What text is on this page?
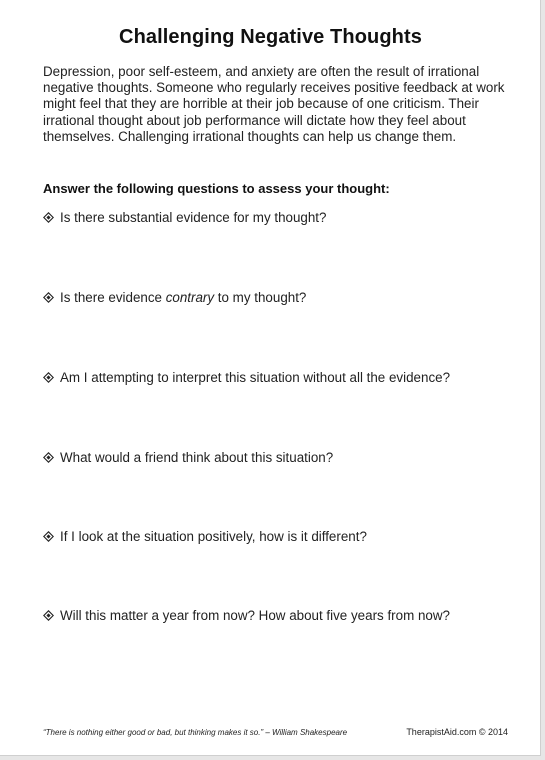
Challenging Negative Thoughts

Depression, poor self-esteem, and anxiety are often the result of irrational negative thoughts. Someone who regularly receives positive feedback at work might feel that they are horrible at their job because of one criticism. Their irrational thought about job performance will dictate how they feel about themselves. Challenging irrational thoughts can help us change them.

Answer the following questions to assess your thought:
Is there substantial evidence for my thought?
Is there evidence contrary to my thought?
Am I attempting to interpret this situation without all the evidence?
What would a friend think about this situation?
If I look at the situation positively, how is it different?
Will this matter a year from now? How about five years from now?
“There is nothing either good or bad, but thinking makes it so.” – William Shakespeare	TherapistAid.com © 2014
